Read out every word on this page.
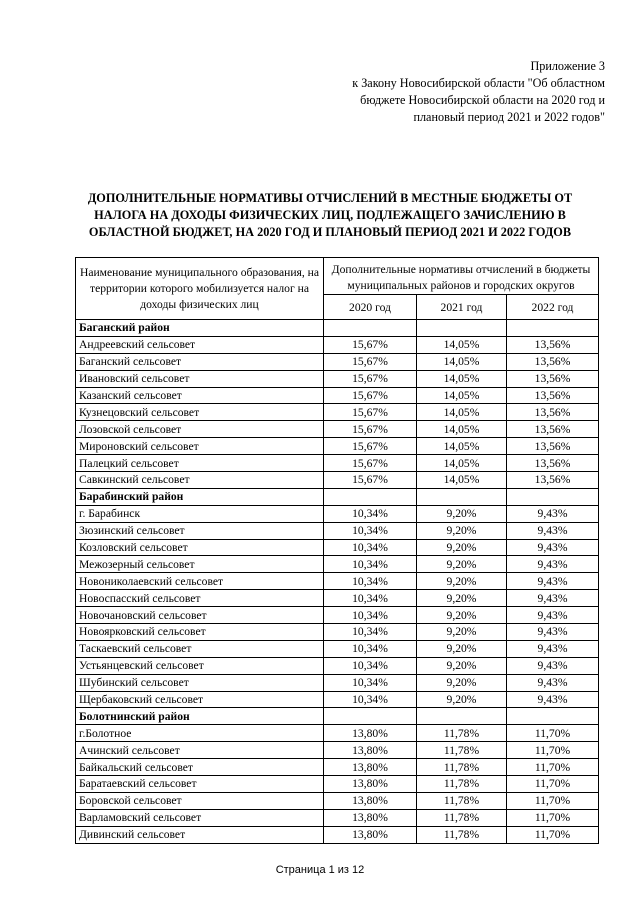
Приложение 3
к Закону Новосибирской области "Об областном
бюджете Новосибирской области на 2020 год и
плановый период 2021 и 2022 годов"
ДОПОЛНИТЕЛЬНЫЕ НОРМАТИВЫ ОТЧИСЛЕНИЙ В МЕСТНЫЕ БЮДЖЕТЫ ОТ
НАЛОГА НА ДОХОДЫ ФИЗИЧЕСКИХ ЛИЦ, ПОДЛЕЖАЩЕГО ЗАЧИСЛЕНИЮ В
ОБЛАСТНОЙ БЮДЖЕТ, НА 2020 ГОД И ПЛАНОВЫЙ ПЕРИОД 2021 И 2022 ГОДОВ
Наименование муниципального образования, на территории которого мобилизуется налог на доходы физических лиц	Дополнительные нормативы отчислений в бюджеты муниципальных районов и городских округов		
	2020 год	2021 год	2022 год
Баганский район			
Андреевский сельсовет	15,67%	14,05%	13,56%
Баганский сельсовет	15,67%	14,05%	13,56%
Ивановский сельсовет	15,67%	14,05%	13,56%
Казанский сельсовет	15,67%	14,05%	13,56%
Кузнецовский сельсовет	15,67%	14,05%	13,56%
Лозовской сельсовет	15,67%	14,05%	13,56%
Мироновский сельсовет	15,67%	14,05%	13,56%
Палецкий сельсовет	15,67%	14,05%	13,56%
Савкинский сельсовет	15,67%	14,05%	13,56%
Барабинский район			
г. Барабинск	10,34%	9,20%	9,43%
Зюзинский сельсовет	10,34%	9,20%	9,43%
Козловский сельсовет	10,34%	9,20%	9,43%
Межозерный сельсовет	10,34%	9,20%	9,43%
Новониколаевский сельсовет	10,34%	9,20%	9,43%
Новоспасский сельсовет	10,34%	9,20%	9,43%
Новочановский сельсовет	10,34%	9,20%	9,43%
Новоярковский сельсовет	10,34%	9,20%	9,43%
Таскаевский сельсовет	10,34%	9,20%	9,43%
Устьянцевский сельсовет	10,34%	9,20%	9,43%
Шубинский сельсовет	10,34%	9,20%	9,43%
Щербаковский сельсовет	10,34%	9,20%	9,43%
Болотнинский район			
г.Болотное	13,80%	11,78%	11,70%
Ачинский сельсовет	13,80%	11,78%	11,70%
Байкальский сельсовет	13,80%	11,78%	11,70%
Баратаевский сельсовет	13,80%	11,78%	11,70%
Боровской сельсовет	13,80%	11,78%	11,70%
Варламовский сельсовет	13,80%	11,78%	11,70%
Дивинский сельсовет	13,80%	11,78%	11,70%
Страница 1 из 12
